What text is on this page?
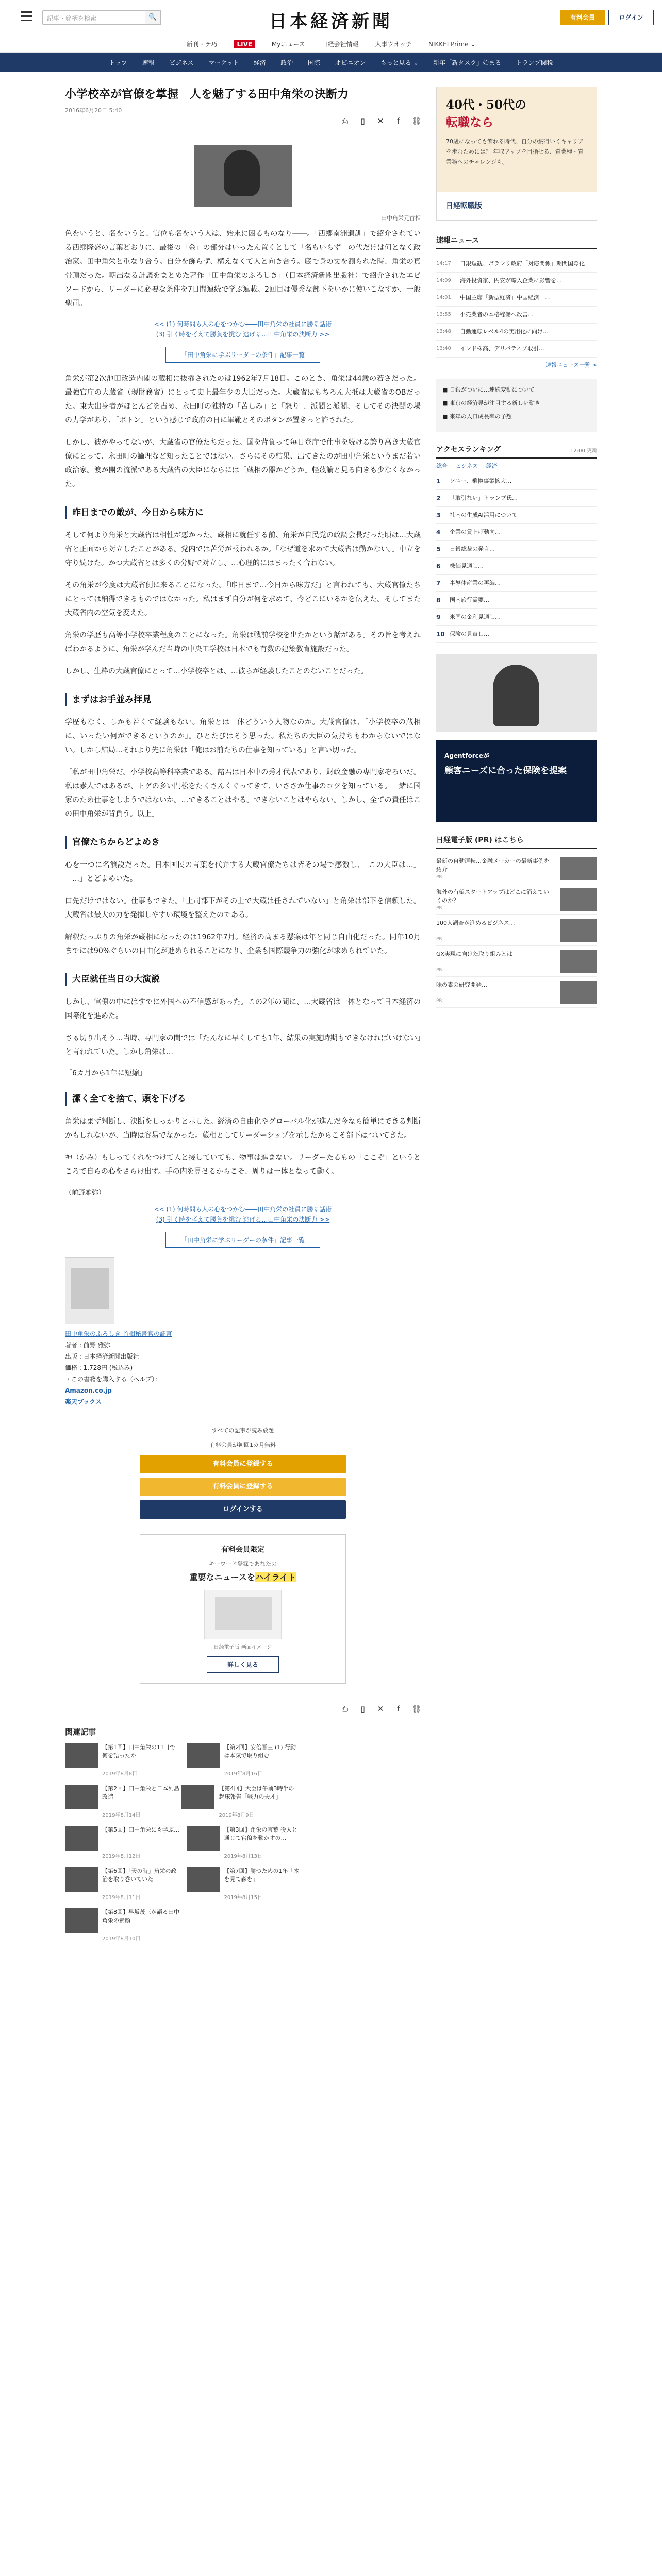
記事・銘柄を検索	🔍	日本経済新聞	有料会員	ログイン
新刊・テ巧	LIVE	Myニュース	日経会社情報	人事ウオッチ	NIKKEI Prime ⌄
トップ 速報 ビジネス マーケット 経済 政治 国際 オピニオン もっと見る ⌄ 新年「新タスク」始まる トランプ関税
小学校卒が官僚を掌握　人を魅了する田中角栄の決断力
2016年6月20日 5:40
⎙ ▯ ✕ f ⛓
田中角栄元首相

色をいうと、名をいうと、官位も名をいう人は、始末に困るものなり――。「西郷南洲遺訓」で紹介されている西郷隆盛の言葉どおりに、最後の「金」の部分はいったん置くとして「名もいらず」の代だけは何となく政治家。田中角栄と重なり合う。自分を飾らず、構えなくて人と向き合う。底で身の丈を測られた時、角栄の真骨頂だった。朝出なる計議をまとめた著作「田中角栄のふろしき」（日本経済新聞出版社）で紹介されたエピソードから、リーダーに必要な条件を7日間連続で学ぶ連載。2回目は優秀な部下をいかに使いこなすか、一般聖司。

<< (1) 何時間も人の心をつかむ――田中角栄の社員に勝る話術
(3) 引く時を考えて勝負を挑む 逃げる…田中角栄の決断力 >>
「田中角栄に学ぶリーダーの条件」記事一覧

角栄が第2次池田改造内閣の蔵相に抜擢されたのは1962年7月18日。このとき、角栄は44歳の若さだった。最強官庁の大蔵省（現財務省）にとって史上最年少の大臣だった。大蔵省はもちろん大抵は大蔵省のOBだった。東大出身者がほとんどを占め、永田町の独特の「苦しみ」と「怒り」、派閥と派閥、そしてその決闘の場の力学があり、「ボトン」という感じで政府の日に軍靴とそのボタンが置きっと許された。

しかし、彼がやってないが、大蔵省の官僚たちだった。国を背負って毎日登庁で仕事を続ける誇り高き大蔵官僚にとって、永田町の論理など知ったことではない。さらにその結果、出てきたのが田中角栄というまだ若い政治家。渡が開の流派である大蔵省の大臣にならには「蔵相の器かどうか」軽蔑論と見る向きも少なくなかった。

昨日までの敵が、今日から味方に

そして何より角栄と大蔵省は相性が悪かった。蔵相に就任する前、角栄が自民党の政調会長だった頃は…大蔵省と正面から対立したことがある。党内では苦労が報われるか。「なぜ道を求めて大蔵省は動かない。」中立を守り続けた。かつ大蔵省とは多くの分野で対立し、…心理的にはまったく合わない。

その角栄が今度は大蔵省側に来ることになった。「昨日まで…今日から味方だ」と言われても、大蔵官僚たちにとっては納得できるものではなかった。私はまず自分が何を求めて、今どこにいるかを伝えた。そしてまた大蔵省内の空気を変えた。

角栄の学歴も高等小学校卒業程度のことになった。角栄は戦前学校を出たかという話がある。その旨を考えればわかるように、角栄が学んだ当時の中央工学校は日本でも有数の建築教育施設だった。

しかし、生粋の大蔵官僚にとって…小学校卒とは、…彼らが経験したことのないことだった。

まずはお手並み拝見

学歴もなく、しかも若くて経験もない。角栄とは一体どういう人物なのか。大蔵官僚は、「小学校卒の蔵相に、いったい何ができるというのか」。ひとたびはそう思った。私たちの大臣の気持ちもわからないではない。しかし結局…それより先に角栄は「俺はお前たちの仕事を知っている」と言い切った。

「私が田中角栄だ。小学校高等科卒業である。諸君は日本中の秀才代表であり、財政金融の専門家ぞろいだ。私は素人ではあるが、トゲの多い門松をたくさんくぐってきて、いささか仕事のコツを知っている。一緒に国家のため仕事をしようではないか。…できることはやる。できないことはやらない。しかし、全ての責任はこの田中角栄が背負う。以上」

官僚たちからどよめき

心を一つに名演説だった。日本国民の言葉を代弁する大蔵官僚たちは皆その場で感激し、「この大臣は…」「…」とどよめいた。

口先だけではない。仕事もできた。「上司部下がその上で大蔵は任されていない」と角栄は部下を信頼した。大蔵省は最大の力を発揮しやすい環境を整えたのである。

解釈たっぷりの角栄が蔵相になったのは1962年7月。経済の高まる懸案は年と同じ自由化だった。同年10月までには90%ぐらいの自由化が進められることになり、企業も国際競争力の強化が求められていた。

大臣就任当日の大演説

しかし、官僚の中にはすでに外国への不信感があった。この2年の間に、…大蔵省は一体となって日本経済の国際化を進めた。

さぁ切り出そう…当時、専門家の間では「たんなに早くしても1年、結果の実施時期もできなければいけない」と言われていた。しかし角栄は…

「6カ月から1年に短縮」
潔く全てを捨て、頭を下げる

角栄はまず判断し、決断をしっかりと示した。経済の自由化やグローバル化が進んだ今なら簡単にできる判断かもしれないが、当時は容易でなかった。蔵相としてリーダーシップを示したからこそ部下はついてきた。

神（かみ）もしってくれをつけて人と接していても、物事は進まない。リーダーたるもの「ここぞ」というところで自らの心をさらけ出す。手の内を見せるからこそ、周りは一体となって動く。

（前野雅弥）
<< (1) 何時間も人の心をつかむ――田中角栄の社員に勝る話術
(3) 引く時を考えて勝負を挑む 逃げる…田中角栄の決断力 >>
「田中角栄に学ぶリーダーの条件」記事一覧
田中角栄のふろしき 首相秘書官の証言
著者 : 前野 雅弥
出版 : 日本経済新聞出版社
価格 : 1,728円 (税込み)
・この書籍を購入する（ヘルプ）：
Amazon.co.jp
楽天ブックス
すべての記事が読み放題
有料会員が初回1カ月無料
有料会員に登録する
有料会員に登録する
ログインする
有料会員限定
キーワード登録であなたの
重要なニュースをハイライト
日経電子版 画面イメージ
詳しく見る
⎙ ▯ ✕ f ⛓
関連記事
【第1回】田中角栄の11日で何を語ったか
2019年8月8日

【第2回】安倍晋三 (1) 行動は本気で取り組む
2019年8月16日

【第2回】田中角栄と日本列島改造
2019年8月14日

【第4回】大臣は午前3時半の起床報告「戦力の天才」
2019年8月9日

【第5回】田中角栄にも学ぶ…
2019年8月12日

【第3回】角栄の言葉 役人と通じて官僚を動かすの…
2019年8月13日

【第6回】「天の時」角栄の政治を取り巻いていた
2019年8月11日

【第7回】勝つための1年「木を見て森を」
2019年8月15日

【第8回】早坂茂三が語る田中角栄の素顔
2019年8月10日
40代・50代の
転職なら
70歳になっても飾れる時代、自分の納得いくキャリアを歩むためには？ 年収アップを目指せる、質業種・質業務へのチャレンジも。
日経転職版
速報ニュース
14:17 日銀短観、ボランリ政府「対応関係」期間国際化
14:09 海外投資家、円安が輸入企業に影響を…
14:01 中国主席「新型経済」中国経済一…
13:55 小売業者の本格稼働へ改善…
13:48 自動運転レベル4の実用化に向け…
13:40 インド株高、デリバティブ取引…
速報ニュース一覧 >
■ 日銀がついに…連続変動について
■ 東京の経済界が注目する新しい動き
■ 来年の人口成長率の予想
アクセスランキング	12:00 更新
総合 ビジネス 経済
1 ソニー、乗換事業拡大…
2 「取引ない」トランプ氏…
3 社内の生成AI活用について
4 企業の賃上げ動向…
5 日銀総裁の発言…
6 株価見通し…
7 半導体産業の再編…
8 国内旅行需要…
9 米国の金利見通し…
10 保険の見直し…
Agentforceが
顧客ニーズに合った保険を提案
日経電子版 (PR) はこちら
最新の自動運転…金融メーカーの最新事例を紹介
PR
海外の有望スタートアップはどこに消えていくのか？
PR
100人調査が進めるビジネス…
PR
GX実現に向けた取り組みとは
PR
味の素の研究開発…
PR
